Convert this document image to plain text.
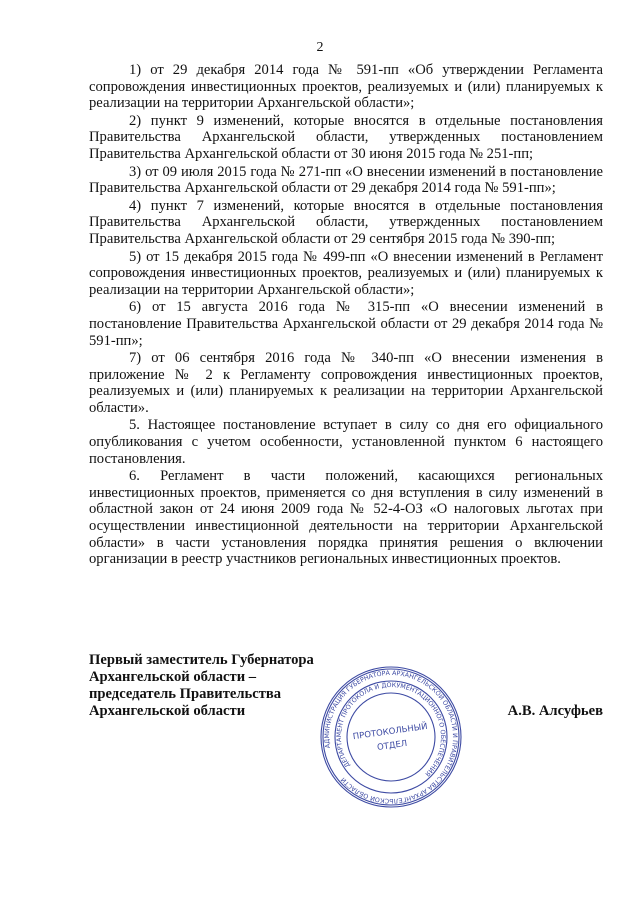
2

1) от 29 декабря 2014 года № 591-пп «Об утверждении Регламента сопровождения инвестиционных проектов, реализуемых и (или) планируемых к реализации на территории Архангельской области»;

2) пункт 9 изменений, которые вносятся в отдельные постановления Правительства Архангельской области, утвержденных постановлением Правительства Архангельской области от 30 июня 2015 года № 251-пп;

3) от 09 июля 2015 года № 271-пп «О внесении изменений в постановление Правительства Архангельской области от 29 декабря 2014 года № 591-пп»;

4) пункт 7 изменений, которые вносятся в отдельные постановления Правительства Архангельской области, утвержденных постановлением Правительства Архангельской области от 29 сентября 2015 года № 390-пп;

5) от 15 декабря 2015 года № 499-пп «О внесении изменений в Регламент сопровождения инвестиционных проектов, реализуемых и (или) планируемых к реализации на территории Архангельской области»;

6) от 15 августа 2016 года № 315-пп «О внесении изменений в постановление Правительства Архангельской области от 29 декабря 2014 года № 591-пп»;

7) от 06 сентября 2016 года № 340-пп «О внесении изменения в приложение № 2 к Регламенту сопровождения инвестиционных проектов, реализуемых и (или) планируемых к реализации на территории Архангельской области».

5. Настоящее постановление вступает в силу со дня его официального опубликования с учетом особенности, установленной пунктом 6 настоящего постановления.

6. Регламент в части положений, касающихся региональных инвестиционных проектов, применяется со дня вступления в силу изменений в областной закон от 24 июня 2009 года № 52-4-ОЗ «О налоговых льготах при осуществлении инвестиционной деятельности на территории Архангельской области» в части установления порядка принятия решения о включении организации в реестр участников региональных инвестиционных проектов.

Первый заместитель Губернатора
Архангельской области –
председатель Правительства
Архангельской области	А.В. Алсуфьев
АДМИНИСТРАЦИЯ ГУБЕРНАТОРА АРХАНГЕЛЬСКОЙ ОБЛАСТИ И ПРАВИТЕЛЬСТВА АРХАНГЕЛЬСКОЙ ОБЛАСТИ
ДЕПАРТАМЕНТ ПРОТОКОЛА И ДОКУМЕНТАЦИОННОГО ОБЕСПЕЧЕНИЯ
ПРОТОКОЛЬНЫЙ
ОТДЕЛ
